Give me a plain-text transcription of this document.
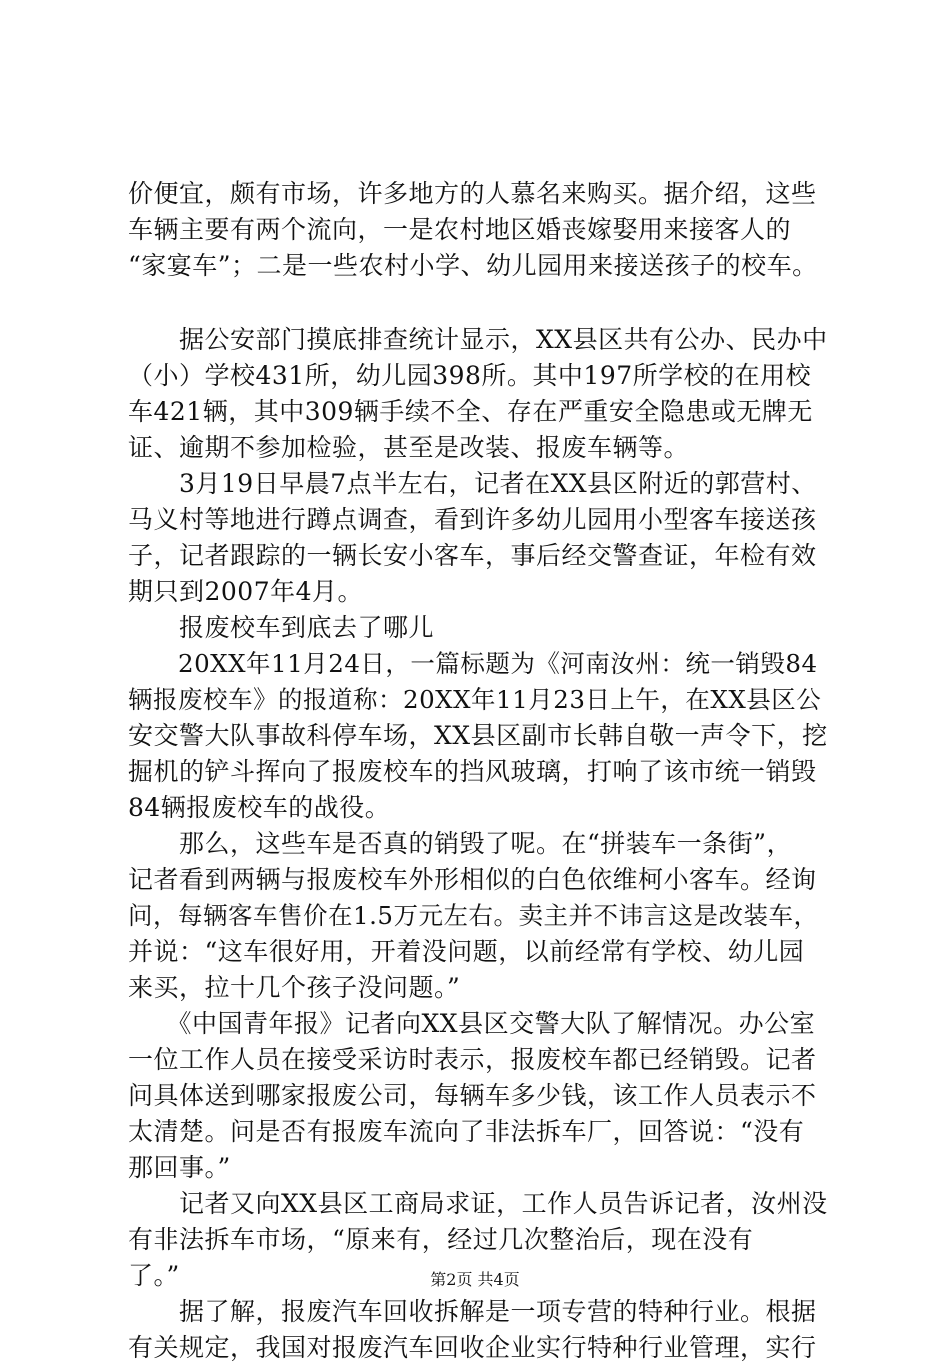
价便宜，颇有市场，许多地方的人慕名来购买。据介绍，这些
车辆主要有两个流向，一是农村地区婚丧嫁娶用来接客人的
“家宴车”；二是一些农村小学、幼儿园用来接送孩子的校车。
　　据公安部门摸底排查统计显示，XX县区共有公办、民办中
（小）学校431所，幼儿园398所。其中197所学校的在用校
车421辆，其中309辆手续不全、存在严重安全隐患或无牌无
证、逾期不参加检验，甚至是改装、报废车辆等。
　　3月19日早晨7点半左右，记者在XX县区附近的郭营村、
马义村等地进行蹲点调查，看到许多幼儿园用小型客车接送孩
子，记者跟踪的一辆长安小客车，事后经交警查证，年检有效
期只到2007年4月。
　　报废校车到底去了哪儿
　　20XX年11月24日，一篇标题为《河南汝州：统一销毁84
辆报废校车》的报道称：20XX年11月23日上午，在XX县区公
安交警大队事故科停车场，XX县区副市长韩自敬一声令下，挖
掘机的铲斗挥向了报废校车的挡风玻璃，打响了该市统一销毁
84辆报废校车的战役。
　　那么，这些车是否真的销毁了呢。在“拼装车一条街”，
记者看到两辆与报废校车外形相似的白色依维柯小客车。经询
问，每辆客车售价在1.5万元左右。卖主并不讳言这是改装车，
并说：“这车很好用，开着没问题，以前经常有学校、幼儿园
来买，拉十几个孩子没问题。”
　　《中国青年报》记者向XX县区交警大队了解情况。办公室
一位工作人员在接受采访时表示，报废校车都已经销毁。记者
问具体送到哪家报废公司，每辆车多少钱，该工作人员表示不
太清楚。问是否有报废车流向了非法拆车厂，回答说：“没有
那回事。”
　　记者又向XX县区工商局求证，工作人员告诉记者，汝州没
有非法拆车市场，“原来有，经过几次整治后，现在没有
了。”
　　据了解，报废汽车回收拆解是一项专营的特种行业。根据
有关规定，我国对报废汽车回收企业实行特种行业管理，实行
第2页 共4页
